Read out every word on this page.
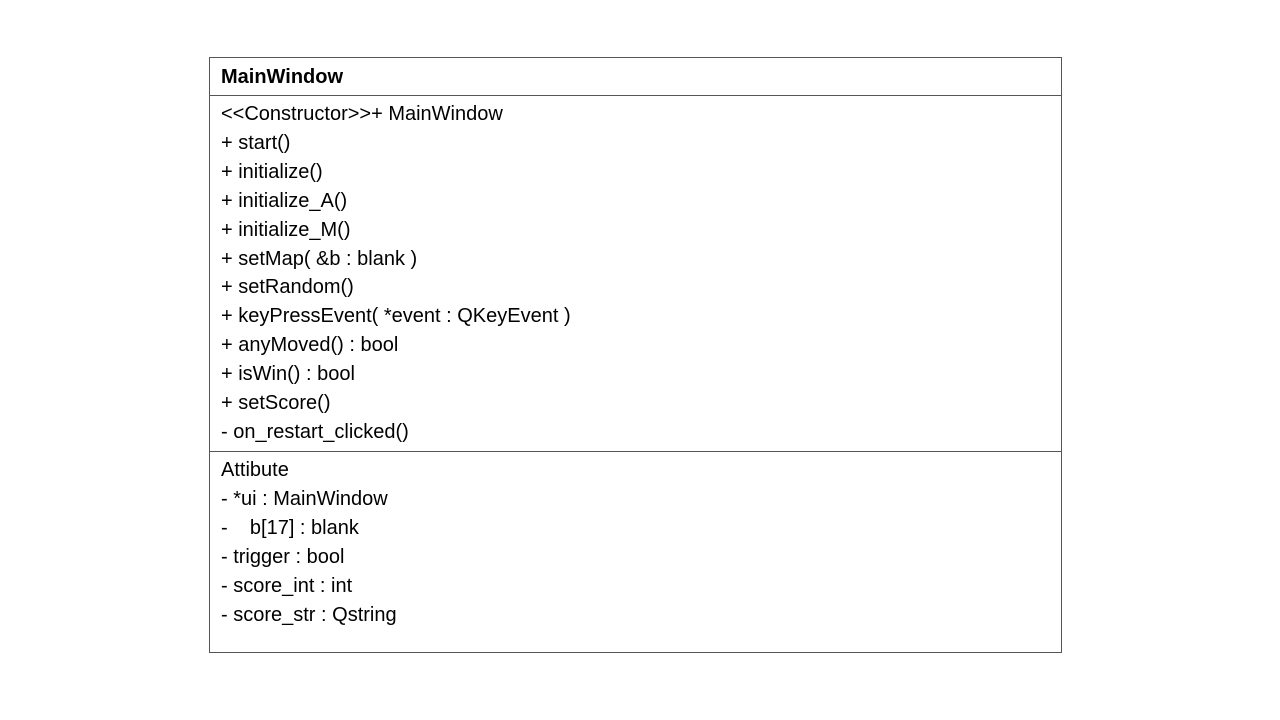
MainWindow
<<Constructor>>+ MainWindow
+ start()
+ initialize()
+ initialize_A()
+ initialize_M()
+ setMap( &b : blank )
+ setRandom()
+ keyPressEvent( *event : QKeyEvent )
+ anyMoved() : bool
+ isWin() : bool
+ setScore()
- on_restart_clicked()
Attibute
- *ui : MainWindow
-    b[17] : blank
- trigger : bool
- score_int : int
- score_str : Qstring
